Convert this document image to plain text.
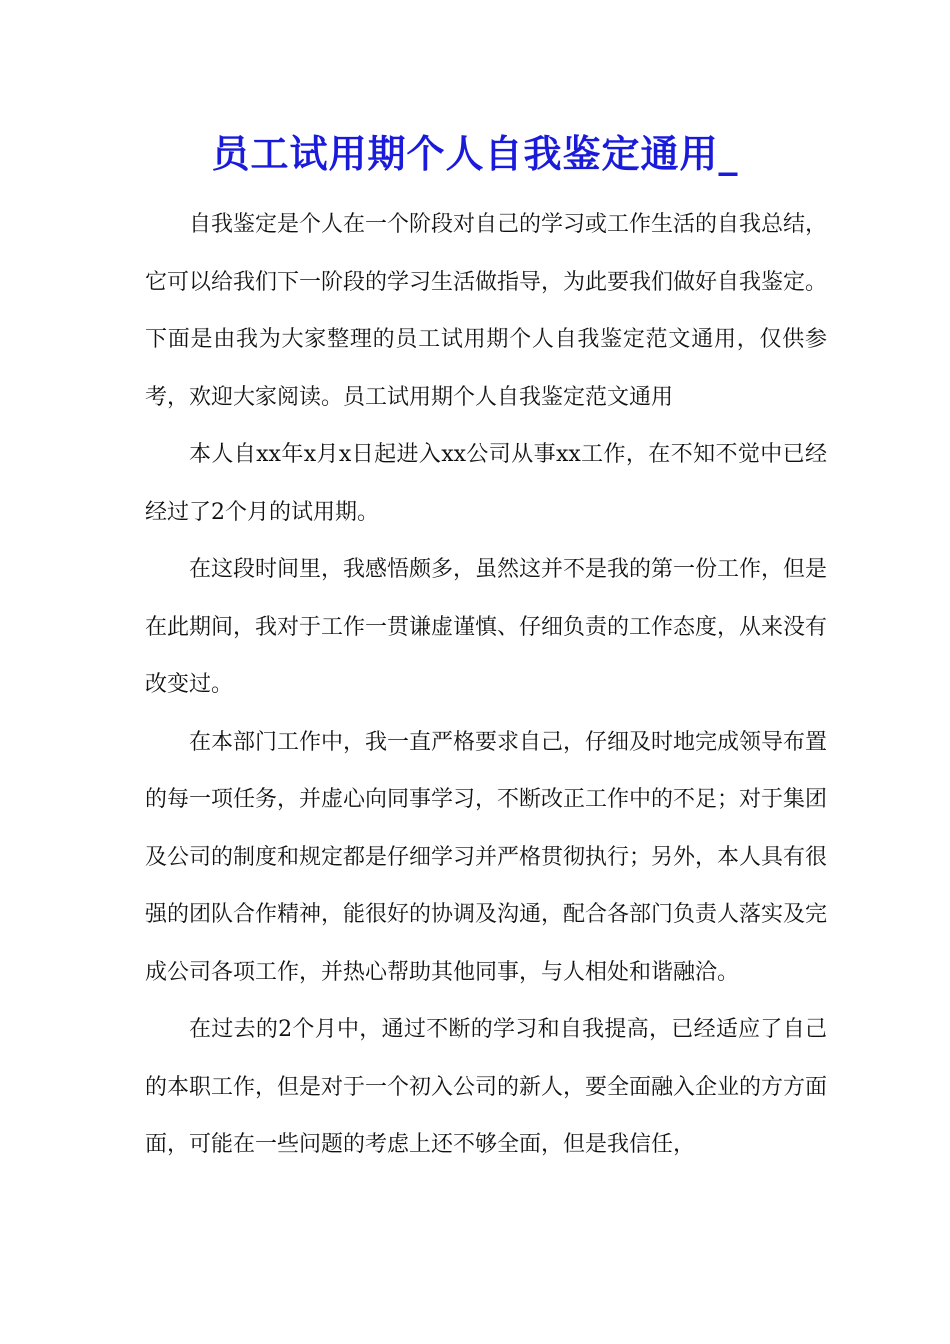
员工试用期个人自我鉴定通用_

自我鉴定是个人在一个阶段对自己的学习或工作生活的自我总结，它可以给我们下一阶段的学习生活做指导，为此要我们做好自我鉴定。下面是由我为大家整理的员工试用期个人自我鉴定范文通用，仅供参考，欢迎大家阅读。员工试用期个人自我鉴定范文通用

本人自xx年x月x日起进入xx公司从事xx工作，在不知不觉中已经经过了2个月的试用期。

在这段时间里，我感悟颇多，虽然这并不是我的第一份工作，但是在此期间，我对于工作一贯谦虚谨慎、仔细负责的工作态度，从来没有改变过。

在本部门工作中，我一直严格要求自己，仔细及时地完成领导布置的每一项任务，并虚心向同事学习，不断改正工作中的不足；对于集团及公司的制度和规定都是仔细学习并严格贯彻执行；另外，本人具有很强的团队合作精神，能很好的协调及沟通，配合各部门负责人落实及完成公司各项工作，并热心帮助其他同事，与人相处和谐融洽。

在过去的2个月中，通过不断的学习和自我提高，已经适应了自己的本职工作，但是对于一个初入公司的新人，要全面融入企业的方方面面，可能在一些问题的考虑上还不够全面，但是我信任，
